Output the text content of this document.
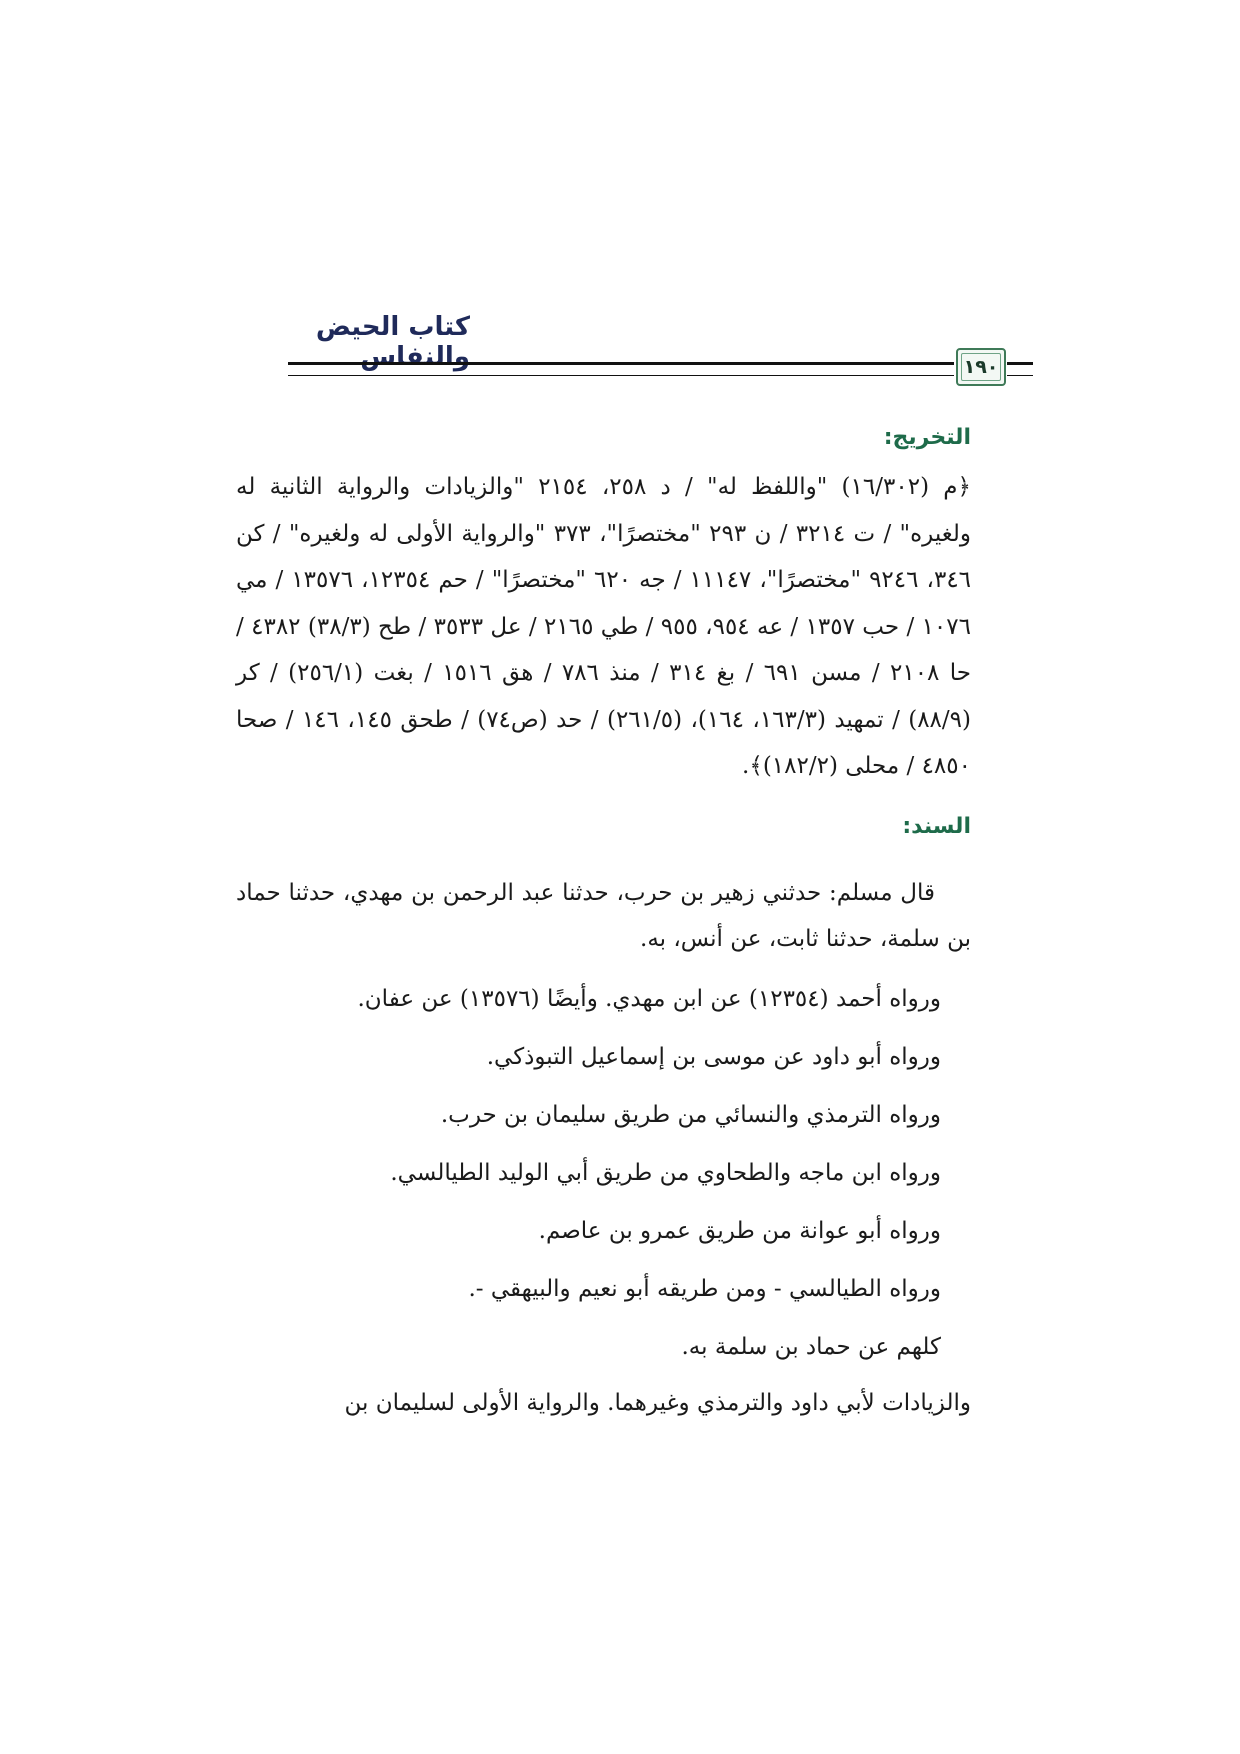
كتاب الحيض والنفاس	١٩٠
التخريج:

﴿م (١٦/٣٠٢) "واللفظ له" / د ٢٥٨، ٢١٥٤ "والزيادات والرواية الثانية له ولغيره" / ت ٣٢١٤ / ن ٢٩٣ "مختصرًا"، ٣٧٣ "والرواية الأولى له ولغيره" / كن ٣٤٦، ٩٢٤٦ "مختصرًا"، ١١١٤٧ / جه ٦٢٠ "مختصرًا" / حم ١٢٣٥٤، ١٣٥٧٦ / مي ١٠٧٦ / حب ١٣٥٧ / عه ٩٥٤، ٩٥٥ / طي ٢١٦٥ / عل ٣٥٣٣ / طح (٣٨/٣) ٤٣٨٢ / حا ٢١٠٨ / مسن ٦٩١ / بغ ٣١٤ / منذ ٧٨٦ / هق ١٥١٦ / بغت (٢٥٦/١) / كر (٨٨/٩) / تمهيد (١٦٣/٣، ١٦٤)، (٢٦١/٥) / حد (ص٧٤) / طحق ١٤٥، ١٤٦ / صحا ٤٨٥٠ / محلى (١٨٢/٢)﴾.

السند:

قال مسلم: حدثني زهير بن حرب، حدثنا عبد الرحمن بن مهدي، حدثنا حماد بن سلمة، حدثنا ثابت، عن أنس، به.

ورواه أحمد (١٢٣٥٤) عن ابن مهدي. وأيضًا (١٣٥٧٦) عن عفان.

ورواه أبو داود عن موسى بن إسماعيل التبوذكي.

ورواه الترمذي والنسائي من طريق سليمان بن حرب.

ورواه ابن ماجه والطحاوي من طريق أبي الوليد الطيالسي.

ورواه أبو عوانة من طريق عمرو بن عاصم.

ورواه الطيالسي - ومن طريقه أبو نعيم والبيهقي -.

كلهم عن حماد بن سلمة به.

والزيادات لأبي داود والترمذي وغيرهما. والرواية الأولى لسليمان بن
